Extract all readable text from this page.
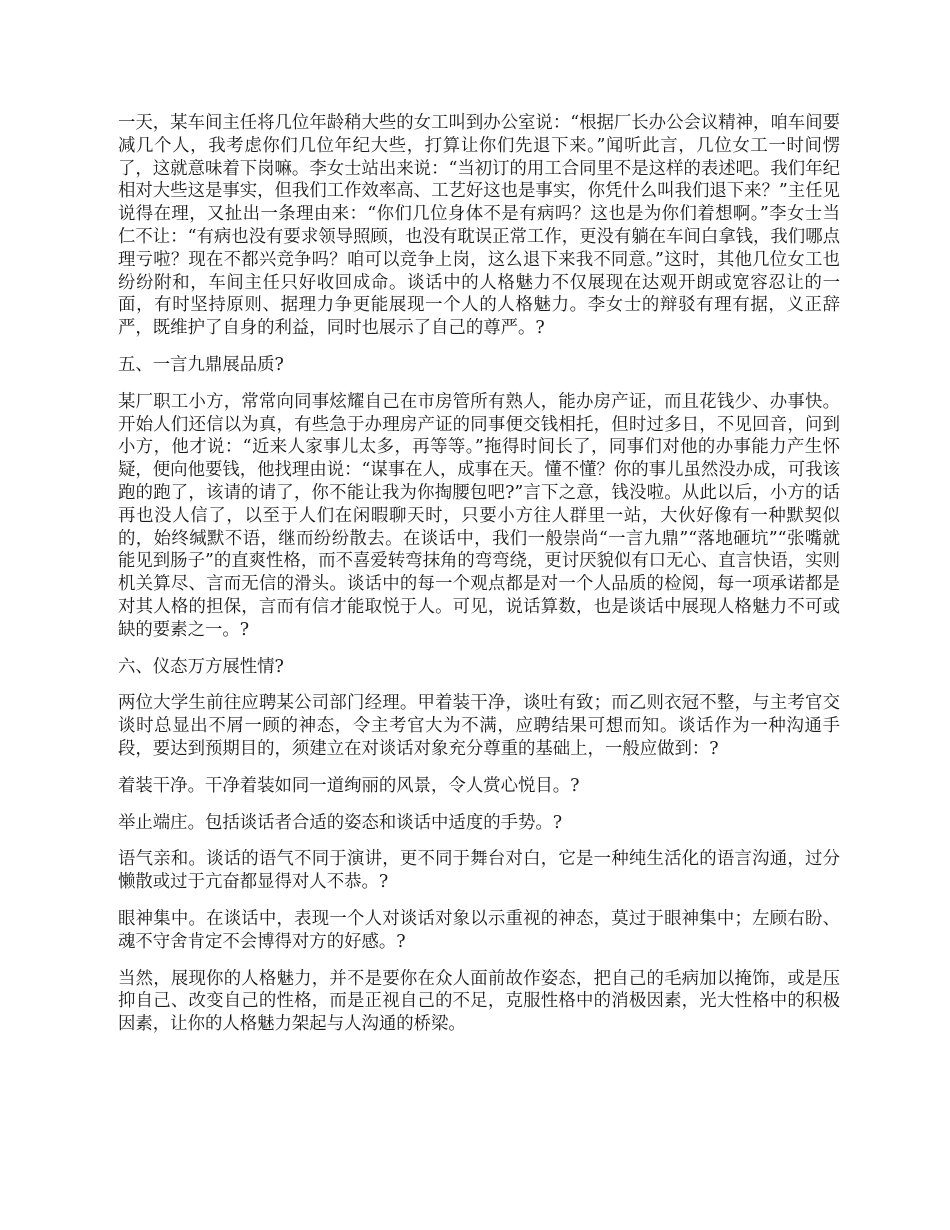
一天，某车间主任将几位年龄稍大些的女工叫到办公室说：“根据厂长办公会议精神，咱车间要减几个人，我考虑你们几位年纪大些，打算让你们先退下来。”闻听此言，几位女工一时间愣了，这就意味着下岗嘛。李女士站出来说：“当初订的用工合同里不是这样的表述吧。我们年纪相对大些这是事实，但我们工作效率高、工艺好这也是事实，你凭什么叫我们退下来？”主任见说得在理，又扯出一条理由来：“你们几位身体不是有病吗？这也是为你们着想啊。”李女士当仁不让：“有病也没有要求领导照顾，也没有耽误正常工作，更没有躺在车间白拿钱，我们哪点理亏啦？现在不都兴竞争吗？咱可以竞争上岗，这么退下来我不同意。”这时，其他几位女工也纷纷附和，车间主任只好收回成命。谈话中的人格魅力不仅展现在达观开朗或宽容忍让的一面，有时坚持原则、据理力争更能展现一个人的人格魅力。李女士的辩驳有理有据，义正辞严，既维护了自身的利益，同时也展示了自己的尊严。?

五、一言九鼎展品质?

某厂职工小方，常常向同事炫耀自己在市房管所有熟人，能办房产证，而且花钱少、办事快。开始人们还信以为真，有些急于办理房产证的同事便交钱相托，但时过多日，不见回音，问到小方，他才说：“近来人家事儿太多，再等等。”拖得时间长了，同事们对他的办事能力产生怀疑，便向他要钱，他找理由说：“谋事在人，成事在天。懂不懂？你的事儿虽然没办成，可我该跑的跑了，该请的请了，你不能让我为你掏腰包吧?”言下之意，钱没啦。从此以后，小方的话再也没人信了，以至于人们在闲暇聊天时，只要小方往人群里一站，大伙好像有一种默契似的，始终缄默不语，继而纷纷散去。在谈话中，我们一般崇尚“一言九鼎”“落地砸坑”“张嘴就能见到肠子”的直爽性格，而不喜爱转弯抹角的弯弯绕，更讨厌貌似有口无心、直言快语，实则机关算尽、言而无信的滑头。谈话中的每一个观点都是对一个人品质的检阅，每一项承诺都是对其人格的担保，言而有信才能取悦于人。可见，说话算数，也是谈话中展现人格魅力不可或缺的要素之一。?

六、仪态万方展性情?

两位大学生前往应聘某公司部门经理。甲着装干净，谈吐有致；而乙则衣冠不整，与主考官交谈时总显出不屑一顾的神态，令主考官大为不满，应聘结果可想而知。谈话作为一种沟通手段，要达到预期目的，须建立在对谈话对象充分尊重的基础上，一般应做到：?

着装干净。干净着装如同一道绚丽的风景，令人赏心悦目。?

举止端庄。包括谈话者合适的姿态和谈话中适度的手势。?

语气亲和。谈话的语气不同于演讲，更不同于舞台对白，它是一种纯生活化的语言沟通，过分懒散或过于亢奋都显得对人不恭。?

眼神集中。在谈话中，表现一个人对谈话对象以示重视的神态，莫过于眼神集中；左顾右盼、魂不守舍肯定不会博得对方的好感。?

当然，展现你的人格魅力，并不是要你在众人面前故作姿态，把自己的毛病加以掩饰，或是压抑自己、改变自己的性格，而是正视自己的不足，克服性格中的消极因素，光大性格中的积极因素，让你的人格魅力架起与人沟通的桥梁。
